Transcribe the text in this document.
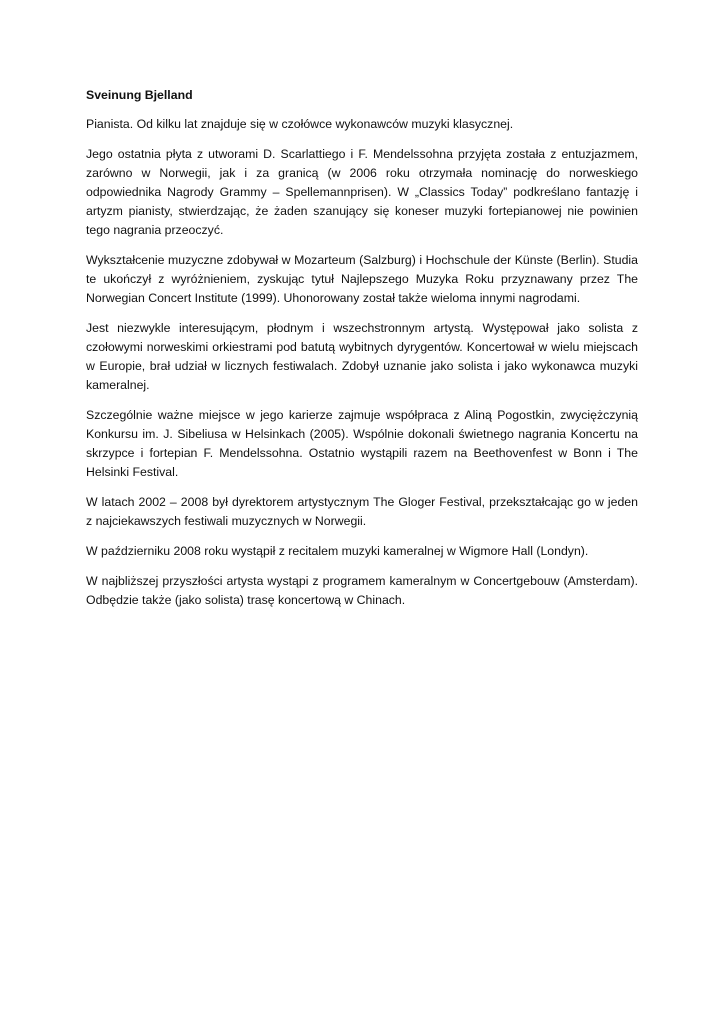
Sveinung Bjelland

Pianista. Od kilku lat znajduje się w czołówce wykonawców muzyki klasycznej.

Jego ostatnia płyta z utworami D. Scarlattiego i F. Mendelssohna przyjęta została z entuzjazmem, zarówno w Norwegii, jak i za granicą (w 2006 roku otrzymała nominację do norweskiego odpowiednika Nagrody Grammy – Spellemannprisen). W „Classics Today” podkreślano fantazję i artyzm pianisty, stwierdzając, że żaden szanujący się koneser muzyki fortepianowej nie powinien tego nagrania przeoczyć.

Wykształcenie muzyczne zdobywał w Mozarteum (Salzburg) i Hochschule der Künste (Berlin). Studia te ukończył z wyróżnieniem, zyskując tytuł Najlepszego Muzyka Roku przyznawany przez The Norwegian Concert Institute (1999). Uhonorowany został także wieloma innymi nagrodami.

Jest niezwykle interesującym, płodnym i wszechstronnym artystą. Występował jako solista z czołowymi norweskimi orkiestrami pod batutą wybitnych dyrygentów. Koncertował w wielu miejscach w Europie, brał udział w licznych festiwalach. Zdobył uznanie jako solista i jako wykonawca muzyki kameralnej.

Szczególnie ważne miejsce w jego karierze zajmuje współpraca z Aliną Pogostkin, zwyciężczynią Konkursu im. J. Sibeliusa w Helsinkach (2005). Wspólnie dokonali świetnego nagrania Koncertu na skrzypce i fortepian F. Mendelssohna. Ostatnio wystąpili razem na Beethovenfest w Bonn i The Helsinki Festival.

W latach 2002 – 2008 był dyrektorem artystycznym The Gloger Festival, przekształcając go w jeden z najciekawszych festiwali muzycznych w Norwegii.

W październiku 2008 roku wystąpił z recitalem muzyki kameralnej w Wigmore Hall (Londyn).

W najbliższej przyszłości artysta wystąpi z programem kameralnym w Concertgebouw (Amsterdam). Odbędzie także (jako solista) trasę koncertową w Chinach.
